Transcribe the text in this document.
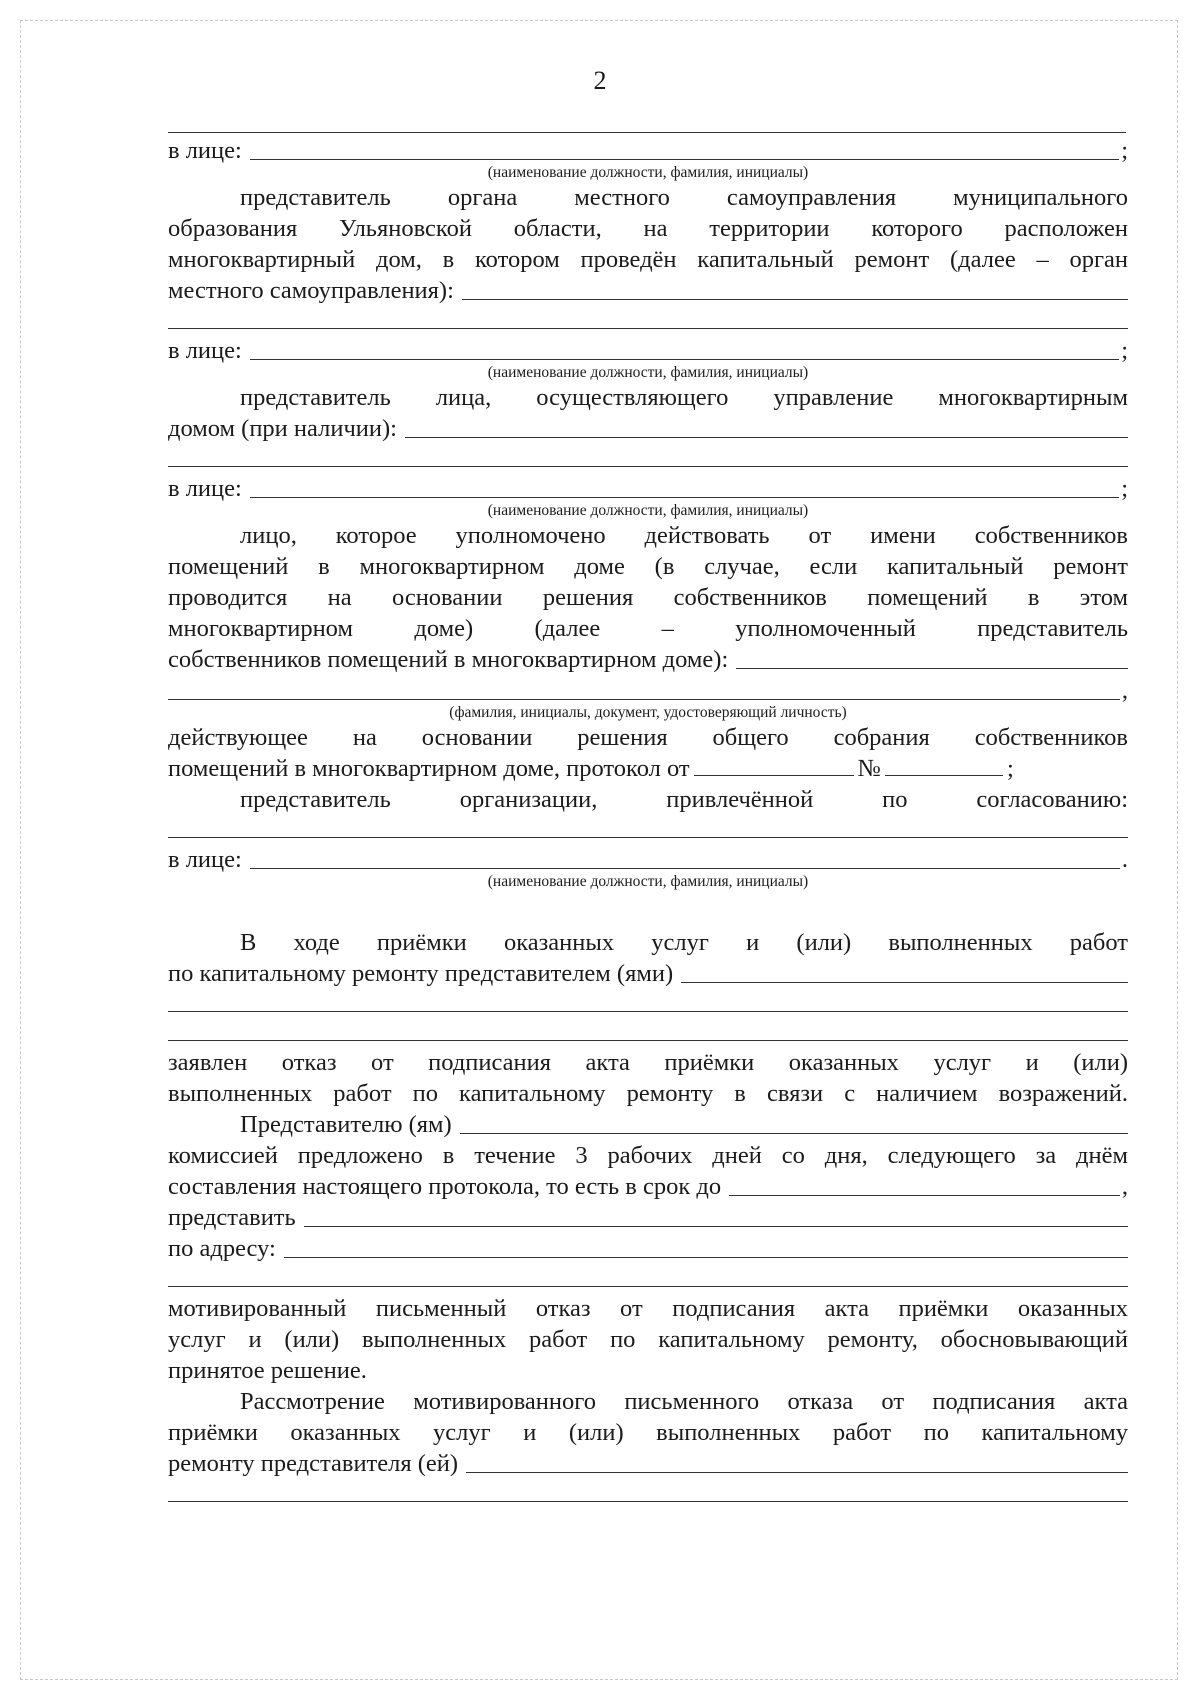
2
в лице:	;
(наименование должности, фамилия, инициалы)
представитель органа местного самоуправления муниципального
образования Ульяновской области, на территории которого расположен
многоквартирный дом, в котором проведён капитальный ремонт (далее – орган
местного самоуправления):
в лице:	;
(наименование должности, фамилия, инициалы)
представитель лица, осуществляющего управление многоквартирным
домом (при наличии):
в лице:	;
(наименование должности, фамилия, инициалы)
лицо, которое уполномочено действовать от имени собственников
помещений в многоквартирном доме (в случае, если капитальный ремонт
проводится на основании решения собственников помещений в этом
многоквартирном доме) (далее – уполномоченный представитель
собственников помещений в многоквартирном доме):
,
(фамилия, инициалы, документ, удостоверяющий личность)
действующее на основании решения общего собрания собственников
помещений в многоквартирном доме, протокол от	№	;
представитель организации, привлечённой по согласованию:
в лице:	.
(наименование должности, фамилия, инициалы)
В ходе приёмки оказанных услуг и (или) выполненных работ
по капитальному ремонту представителем (ями)
заявлен отказ от подписания акта приёмки оказанных услуг и (или)
выполненных работ по капитальному ремонту в связи с наличием возражений.
Представителю (ям)
комиссией предложено в течение 3 рабочих дней со дня, следующего за днём
составления настоящего протокола, то есть в срок до	,
представить
по адресу:
мотивированный письменный отказ от подписания акта приёмки оказанных
услуг и (или) выполненных работ по капитальному ремонту, обосновывающий
принятое решение.
Рассмотрение мотивированного письменного отказа от подписания акта
приёмки оказанных услуг и (или) выполненных работ по капитальному
ремонту представителя (ей)
